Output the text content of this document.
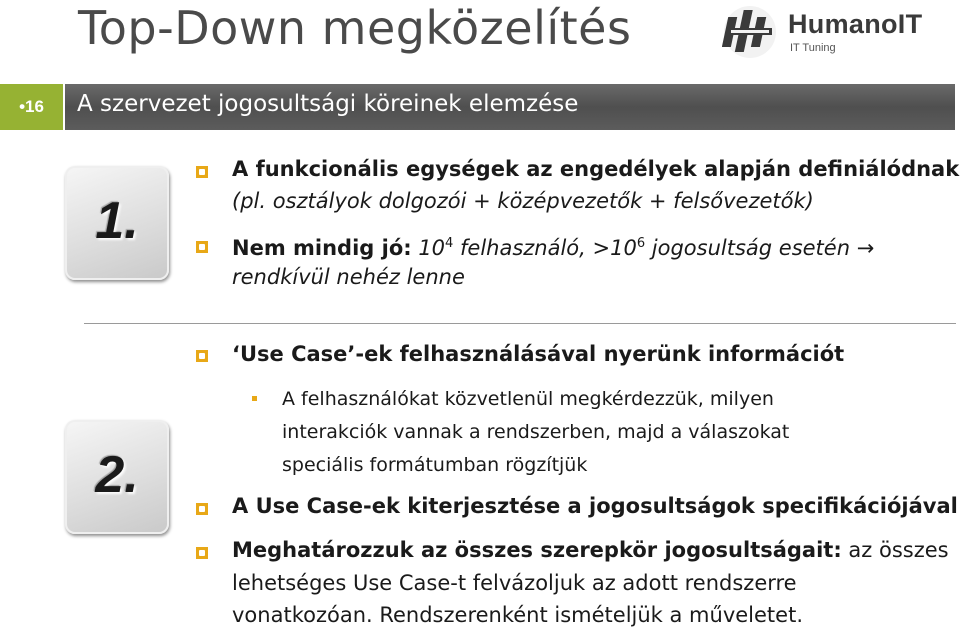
Top-Down megközelítés	HumanoIT
IT Tuning
•16	A szervezet jogosultsági köreinek elemzése
1.
2.
A funkcionális egységek az engedélyek alapján definiálódnak
(pl. osztályok dolgozói + középvezetők + felsővezetők)
Nem mindig jó: $10^4$ felhasználó, $>10^6$ jogosultság esetén →
rendkívül nehéz lenne
‘Use Case’-ek felhasználásával nyerünk információt
A felhasználókat közvetlenül megkérdezzük, milyen
interakciók vannak a rendszerben, majd a válaszokat
speciális formátumban rögzítjük
A Use Case-ek kiterjesztése a jogosultságok specifikációjával
Meghatározzuk az összes szerepkör jogosultságait: az összes
lehetséges Use Case-t felvázoljuk az adott rendszerre
vonatkozóan. Rendszerenként ismételjük a műveletet.
